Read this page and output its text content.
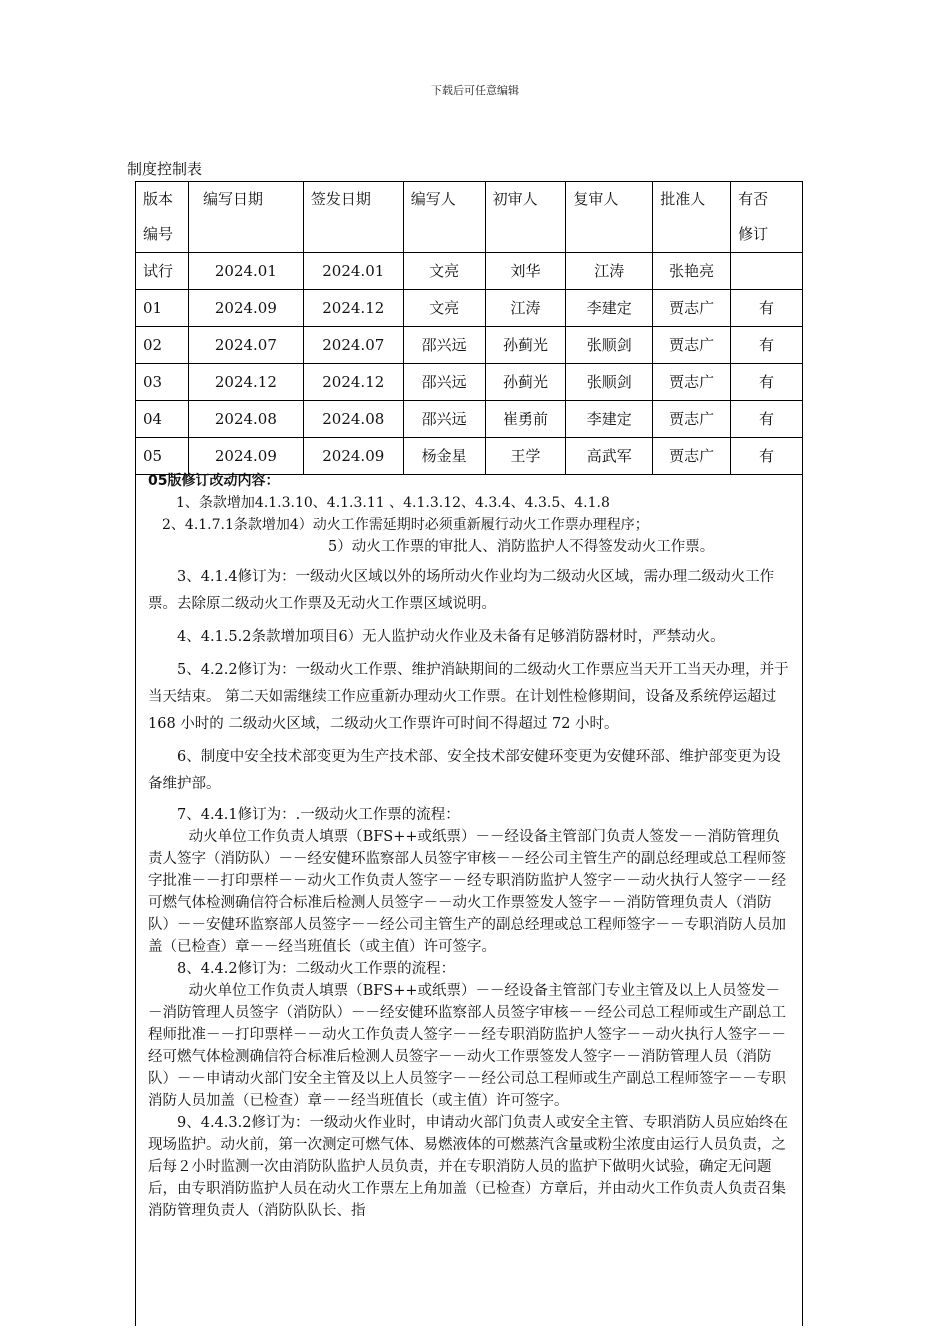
下载后可任意编辑
制度控制表
版本
编号	编写日期	签发日期	编写人	初审人	复审人	批准人	有否
修订
试行	2024.01	2024.01	文亮	刘华	江涛	张艳亮	
01	2024.09	2024.12	文亮	江涛	李建定	贾志广	有
02	2024.07	2024.07	邵兴远	孙蓟光	张顺剑	贾志广	有
03	2024.12	2024.12	邵兴远	孙蓟光	张顺剑	贾志广	有
04	2024.08	2024.08	邵兴远	崔勇前	李建定	贾志广	有
05	2024.09	2024.09	杨金星	王学	高武军	贾志广	有
05版修订改动内容：

1、条款增加4.1.3.10、4.1.3.11 、4.1.3.12、4.3.4、4.3.5、4.1.8

2、4.1.7.1条款增加4）动火工作需延期时必须重新履行动火工作票办理程序；

5）动火工作票的审批人、消防监护人不得签发动火工作票。

3、4.1.4修订为：一级动火区域以外的场所动火作业均为二级动火区域，需办理二级动火工作票。去除原二级动火工作票及无动火工作票区域说明。

4、4.1.5.2条款增加项目6）无人监护动火作业及未备有足够消防器材时，严禁动火。

5、4.2.2修订为：一级动火工作票、维护消缺期间的二级动火工作票应当天开工当天办理，并于当天结束。 第二天如需继续工作应重新办理动火工作票。在计划性检修期间，设备及系统停运超过 168 小时的 二级动火区域，二级动火工作票许可时间不得超过 72 小时。

6、制度中安全技术部变更为生产技术部、安全技术部安健环变更为安健环部、维护部变更为设备维护部。

7、4.4.1修订为：.一级动火工作票的流程：

动火单位工作负责人填票（BFS++或纸票）－－经设备主管部门负责人签发－－消防管理负责人签字（消防队）－－经安健环监察部人员签字审核－－经公司主管生产的副总经理或总工程师签字批准－－打印票样－－动火工作负责人签字－－经专职消防监护人签字－－动火执行人签字－－经可燃气体检测确信符合标准后检测人员签字－－动火工作票签发人签字－－消防管理负责人（消防队）－－安健环监察部人员签字－－经公司主管生产的副总经理或总工程师签字－－专职消防人员加盖（已检查）章－－经当班值长（或主值）许可签字。

8、4.4.2修订为：二级动火工作票的流程：

动火单位工作负责人填票（BFS++或纸票）－－经设备主管部门专业主管及以上人员签发－－消防管理人员签字（消防队）－－经安健环监察部人员签字审核－－经公司总工程师或生产副总工程师批准－－打印票样－－动火工作负责人签字－－经专职消防监护人签字－－动火执行人签字－－经可燃气体检测确信符合标准后检测人员签字－－动火工作票签发人签字－－消防管理人员（消防队）－－申请动火部门安全主管及以上人员签字－－经公司总工程师或生产副总工程师签字－－专职消防人员加盖（已检查）章－－经当班值长（或主值）许可签字。

9、4.4.3.2修订为：一级动火作业时，申请动火部门负责人或安全主管、专职消防人员应始终在现场监护。动火前，第一次测定可燃气体、易燃液体的可燃蒸汽含量或粉尘浓度由运行人员负责，之后每２小时监测一次由消防队监护人员负责，并在专职消防人员的监护下做明火试验，确定无问题后，由专职消防监护人员在动火工作票左上角加盖（已检查）方章后，并由动火工作负责人负责召集消防管理负责人（消防队队长、指
